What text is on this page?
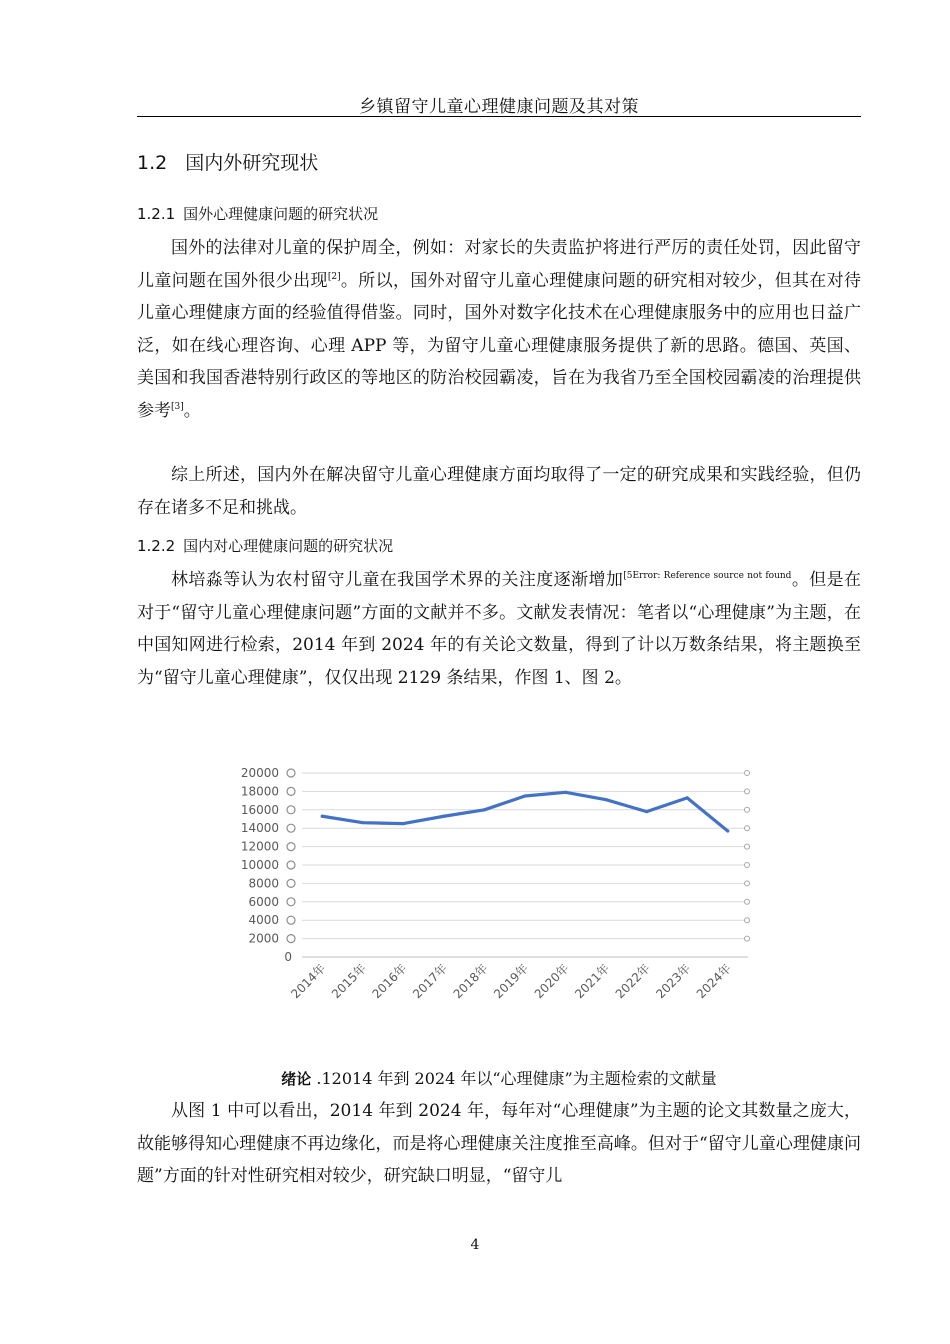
乡镇留守儿童心理健康问题及其对策
1.2 国内外研究现状
1.2.1 国外心理健康问题的研究状况
国外的法律对儿童的保护周全，例如：对家长的失责监护将进行严厉的责任处罚，因此留守儿童问题在国外很少出现[2]。所以，国外对留守儿童心理健康问题的研究相对较少，但其在对待儿童心理健康方面的经验值得借鉴。同时，国外对数字化技术在心理健康服务中的应用也日益广泛，如在线心理咨询、心理 APP 等，为留守儿童心理健康服务提供了新的思路。德国、英国、美国和我国香港特别行政区的等地区的防治校园霸凌，旨在为我省乃至全国校园霸凌的治理提供参考[3]。
综上所述，国内外在解决留守儿童心理健康方面均取得了一定的研究成果和实践经验，但仍存在诸多不足和挑战。
1.2.2 国内对心理健康问题的研究状况
林培淼等认为农村留守儿童在我国学术界的关注度逐渐增加$^{[5Error: Reference source not found}$。但是在对于“留守儿童心理健康问题”方面的文献并不多。文献发表情况：笔者以“心理健康”为主题，在中国知网进行检索，2014 年到 2024 年的有关论文数量，得到了计以万数条结果，将主题换至为“留守儿童心理健康”，仅仅出现 2129 条结果，作图 1、图 2。
20000
18000
16000
14000
12000
10000
8000
6000
4000
2000
0
2014年 2015年 2016年 2017年 2018年 2019年 2020年 2021年 2022年 2023年 2024年
绪论 .12014 年到 2024 年以“心理健康”为主题检索的文献量
从图 1 中可以看出，2014 年到 2024 年，每年对“心理健康”为主题的论文其数量之庞大，故能够得知心理健康不再边缘化，而是将心理健康关注度推至高峰。但对于“留守儿童心理健康问题”方面的针对性研究相对较少，研究缺口明显，“留守儿
4
